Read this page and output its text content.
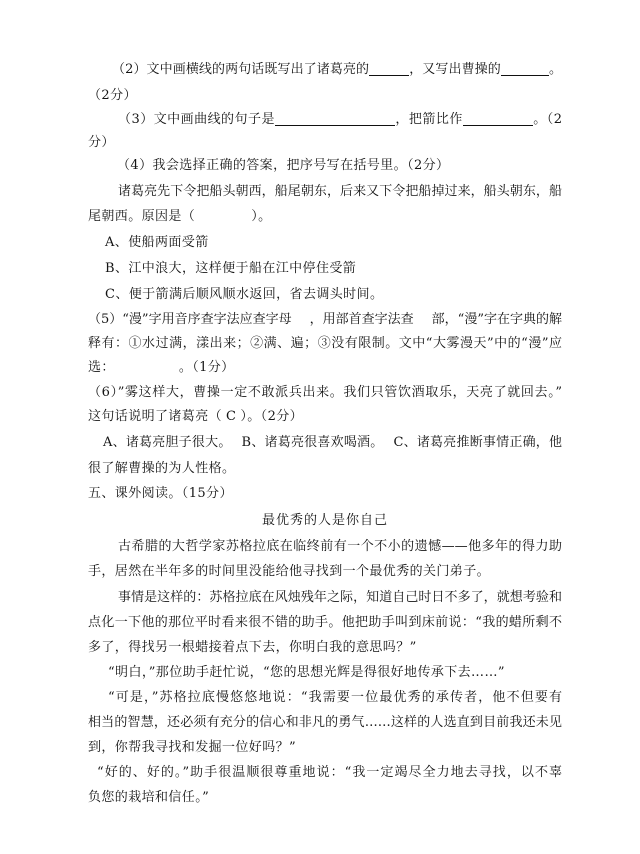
（2）文中画横线的两句话既写出了诸葛亮的	，又写出曹操的	。
（2分）
（3）文中画曲线的句子是	，把箭比作	。（2
分）
（4）我会选择正确的答案，把序号写在括号里。（2分）
诸葛亮先下令把船头朝西，船尾朝东，后来又下令把船掉过来，船头朝东，船
尾朝西。原因是（	）。
A、使船两面受箭
B、江中浪大，这样便于船在江中停住受箭
C、便于箭满后顺风顺水返回，省去调头时间。
（5）“漫”字用音序查字法应查字母 ，用部首查字法查 部，“漫”字在字典的解
释有：①水过满，漾出来；②满、遍；③没有限制。文中“大雾漫天”中的“漫”应
选：	。（1分）
（6）”雾这样大，曹操一定不敢派兵出来。我们只管饮酒取乐，天亮了就回去。”
这句话说明了诸葛亮（ C ）。（2分）
A、诸葛亮胆子很大。 B、诸葛亮很喜欢喝酒。 C、诸葛亮推断事情正确，他
很了解曹操的为人性格。
五、课外阅读。（15分）
最优秀的人是你自己
古希腊的大哲学家苏格拉底在临终前有一个不小的遗憾——他多年的得力助
手，居然在半年多的时间里没能给他寻找到一个最优秀的关门弟子。
事情是这样的：苏格拉底在风烛残年之际，知道自己时日不多了，就想考验和
点化一下他的那位平时看来很不错的助手。他把助手叫到床前说：“我的蜡所剩不
多了，得找另一根蜡接着点下去，你明白我的意思吗？”
“明白，”那位助手赶忙说，“您的思想光辉是得很好地传承下去……”
“可是，”苏格拉底慢悠悠地说：“我需要一位最优秀的承传者，他不但要有
相当的智慧，还必须有充分的信心和非凡的勇气……这样的人选直到目前我还未见
到，你帮我寻找和发掘一位好吗？”
“好的、好的。”助手很温顺很尊重地说：“我一定竭尽全力地去寻找，以不辜
负您的栽培和信任。”
